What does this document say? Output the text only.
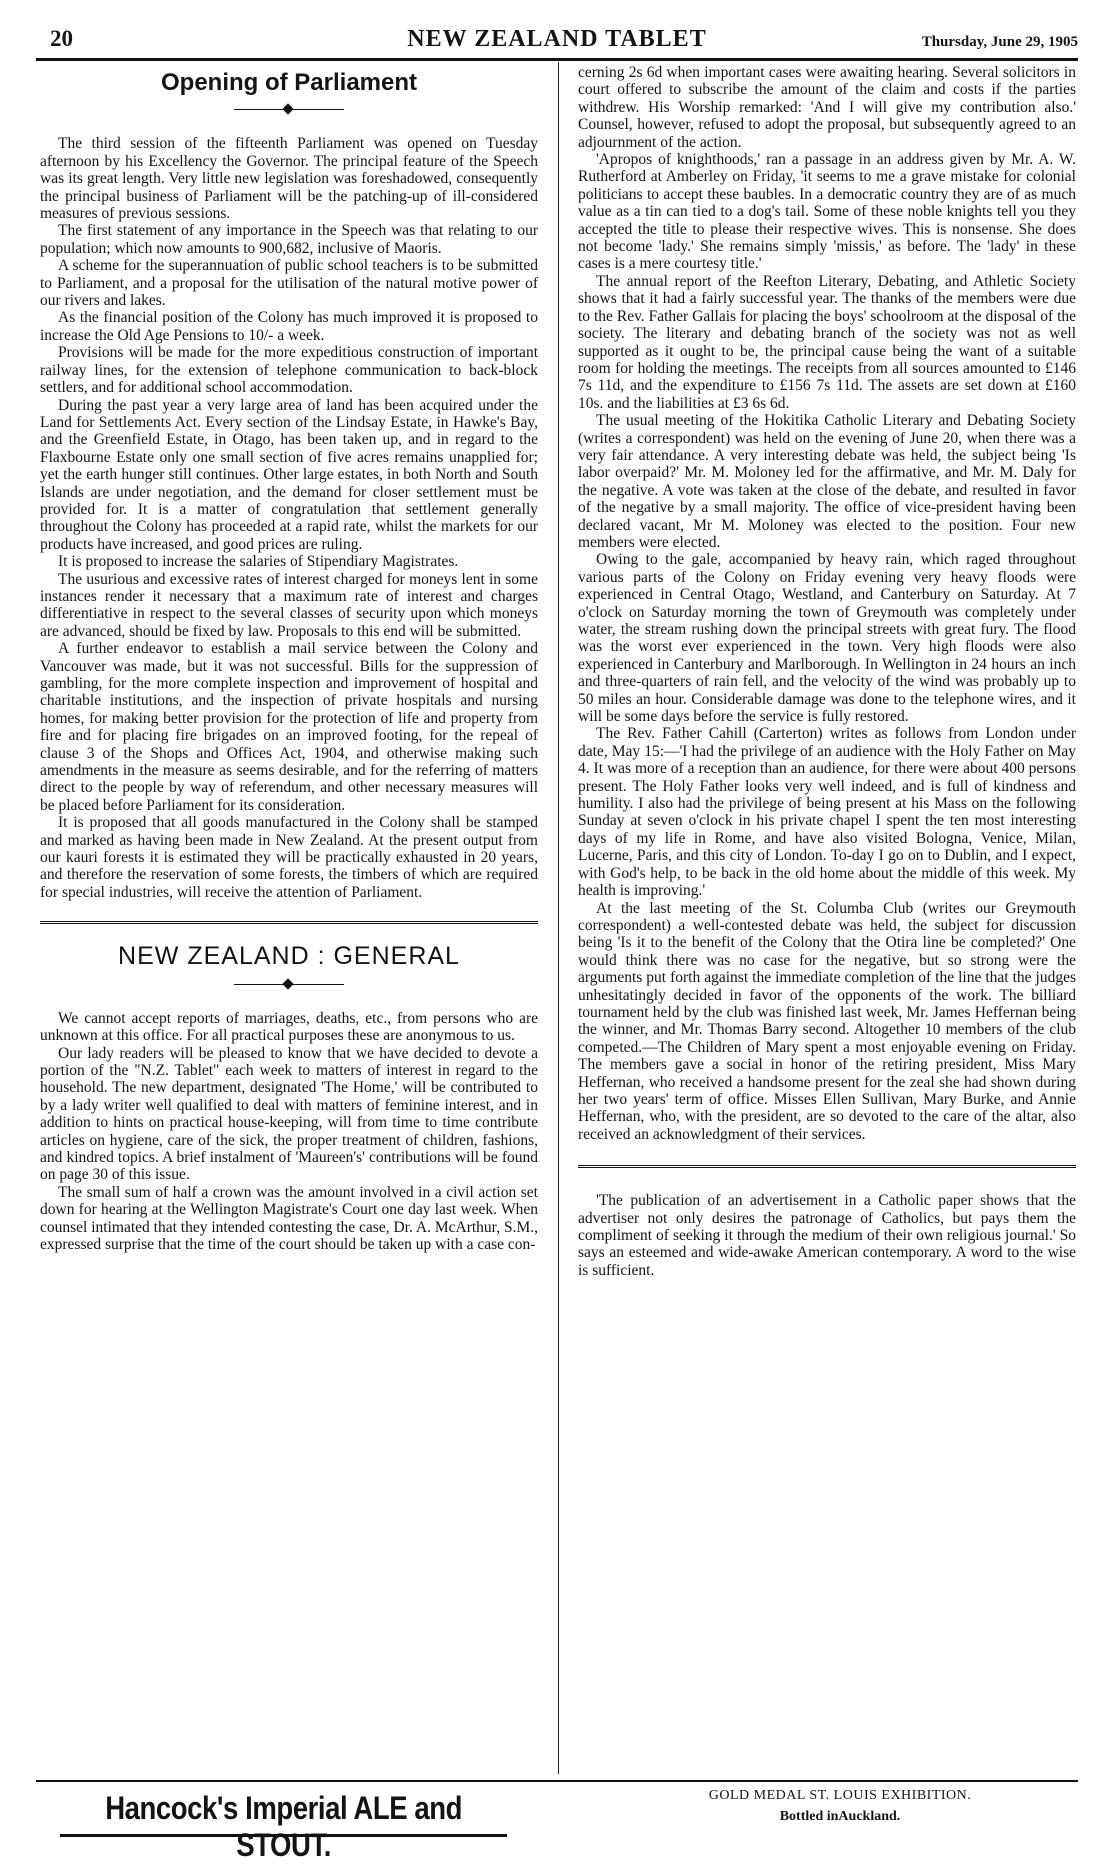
20	NEW ZEALAND TABLET	Thursday, June 29, 1905
Opening of Parliament

The third session of the fifteenth Parliament was opened on Tuesday afternoon by his Excellency the Governor. The principal feature of the Speech was its great length. Very little new legislation was foreshadowed, consequently the principal business of Parliament will be the patching-up of ill-considered measures of previous sessions.

The first statement of any importance in the Speech was that relating to our population; which now amounts to 900,682, inclusive of Maoris.

A scheme for the superannuation of public school teachers is to be submitted to Parliament, and a proposal for the utilisation of the natural motive power of our rivers and lakes.

As the financial position of the Colony has much improved it is proposed to increase the Old Age Pensions to 10/- a week.

Provisions will be made for the more expeditious construction of important railway lines, for the extension of telephone communication to back-block settlers, and for additional school accommodation.

During the past year a very large area of land has been acquired under the Land for Settlements Act. Every section of the Lindsay Estate, in Hawke's Bay, and the Greenfield Estate, in Otago, has been taken up, and in regard to the Flaxbourne Estate only one small section of five acres remains unapplied for; yet the earth hunger still continues. Other large estates, in both North and South Islands are under negotiation, and the demand for closer settlement must be provided for. It is a matter of congratulation that settlement generally throughout the Colony has proceeded at a rapid rate, whilst the markets for our products have increased, and good prices are ruling.

It is proposed to increase the salaries of Stipendiary Magistrates.

The usurious and excessive rates of interest charged for moneys lent in some instances render it necessary that a maximum rate of interest and charges differentiative in respect to the several classes of security upon which moneys are advanced, should be fixed by law. Proposals to this end will be submitted.

A further endeavor to establish a mail service between the Colony and Vancouver was made, but it was not successful. Bills for the suppression of gambling, for the more complete inspection and improvement of hospital and charitable institutions, and the inspection of private hospitals and nursing homes, for making better provision for the protection of life and property from fire and for placing fire brigades on an improved footing, for the repeal of clause 3 of the Shops and Offices Act, 1904, and otherwise making such amendments in the measure as seems desirable, and for the referring of matters direct to the people by way of referendum, and other necessary measures will be placed before Parliament for its consideration.

It is proposed that all goods manufactured in the Colony shall be stamped and marked as having been made in New Zealand. At the present output from our kauri forests it is estimated they will be practically exhausted in 20 years, and therefore the reservation of some forests, the timbers of which are required for special industries, will receive the attention of Parliament.

NEW ZEALAND : GENERAL

We cannot accept reports of marriages, deaths, etc., from persons who are unknown at this office. For all practical purposes these are anonymous to us.

Our lady readers will be pleased to know that we have decided to devote a portion of the "N.Z. Tablet" each week to matters of interest in regard to the household. The new department, designated 'The Home,' will be contributed to by a lady writer well qualified to deal with matters of feminine interest, and in addition to hints on practical house-keeping, will from time to time contribute articles on hygiene, care of the sick, the proper treatment of children, fashions, and kindred topics. A brief instalment of 'Maureen's' contributions will be found on page 30 of this issue.

The small sum of half a crown was the amount involved in a civil action set down for hearing at the Wellington Magistrate's Court one day last week. When counsel intimated that they intended contesting the case, Dr. A. McArthur, S.M., expressed surprise that the time of the court should be taken up with a case con-

cerning 2s 6d when important cases were awaiting hearing. Several solicitors in court offered to subscribe the amount of the claim and costs if the parties withdrew. His Worship remarked: 'And I will give my contribution also.' Counsel, however, refused to adopt the proposal, but subsequently agreed to an adjournment of the action.

'Apropos of knighthoods,' ran a passage in an address given by Mr. A. W. Rutherford at Amberley on Friday, 'it seems to me a grave mistake for colonial politicians to accept these baubles. In a democratic country they are of as much value as a tin can tied to a dog's tail. Some of these noble knights tell you they accepted the title to please their respective wives. This is nonsense. She does not become 'lady.' She remains simply 'missis,' as before. The 'lady' in these cases is a mere courtesy title.'

The annual report of the Reefton Literary, Debating, and Athletic Society shows that it had a fairly successful year. The thanks of the members were due to the Rev. Father Gallais for placing the boys' schoolroom at the disposal of the society. The literary and debating branch of the society was not as well supported as it ought to be, the principal cause being the want of a suitable room for holding the meetings. The receipts from all sources amounted to £146 7s 11d, and the expenditure to £156 7s 11d. The assets are set down at £160 10s. and the liabilities at £3 6s 6d.

The usual meeting of the Hokitika Catholic Literary and Debating Society (writes a correspondent) was held on the evening of June 20, when there was a very fair attendance. A very interesting debate was held, the subject being 'Is labor overpaid?' Mr. M. Moloney led for the affirmative, and Mr. M. Daly for the negative. A vote was taken at the close of the debate, and resulted in favor of the negative by a small majority. The office of vice-president having been declared vacant, Mr M. Moloney was elected to the position. Four new members were elected.

Owing to the gale, accompanied by heavy rain, which raged throughout various parts of the Colony on Friday evening very heavy floods were experienced in Central Otago, Westland, and Canterbury on Saturday. At 7 o'clock on Saturday morning the town of Greymouth was completely under water, the stream rushing down the principal streets with great fury. The flood was the worst ever experienced in the town. Very high floods were also experienced in Canterbury and Marlborough. In Wellington in 24 hours an inch and three-quarters of rain fell, and the velocity of the wind was probably up to 50 miles an hour. Considerable damage was done to the telephone wires, and it will be some days before the service is fully restored.

The Rev. Father Cahill (Carterton) writes as follows from London under date, May 15:—'I had the privilege of an audience with the Holy Father on May 4. It was more of a reception than an audience, for there were about 400 persons present. The Holy Father looks very well indeed, and is full of kindness and humility. I also had the privilege of being present at his Mass on the following Sunday at seven o'clock in his private chapel I spent the ten most interesting days of my life in Rome, and have also visited Bologna, Venice, Milan, Lucerne, Paris, and this city of London. To-day I go on to Dublin, and I expect, with God's help, to be back in the old home about the middle of this week. My health is improving.'

At the last meeting of the St. Columba Club (writes our Greymouth correspondent) a well-contested debate was held, the subject for discussion being 'Is it to the benefit of the Colony that the Otira line be completed?' One would think there was no case for the negative, but so strong were the arguments put forth against the immediate completion of the line that the judges unhesitatingly decided in favor of the opponents of the work. The billiard tournament held by the club was finished last week, Mr. James Heffernan being the winner, and Mr. Thomas Barry second. Altogether 10 members of the club competed.—The Children of Mary spent a most enjoyable evening on Friday. The members gave a social in honor of the retiring president, Miss Mary Heffernan, who received a handsome present for the zeal she had shown during her two years' term of office. Misses Ellen Sullivan, Mary Burke, and Annie Heffernan, who, with the president, are so devoted to the care of the altar, also received an acknowledgment of their services.

'The publication of an advertisement in a Catholic paper shows that the advertiser not only desires the patronage of Catholics, but pays them the compliment of seeking it through the medium of their own religious journal.' So says an esteemed and wide-awake American contemporary. A word to the wise is sufficient.

Hancock's Imperial ALE and STOUT.
GOLD MEDAL ST. LOUIS EXHIBITION.
Bottled inAuckland.
